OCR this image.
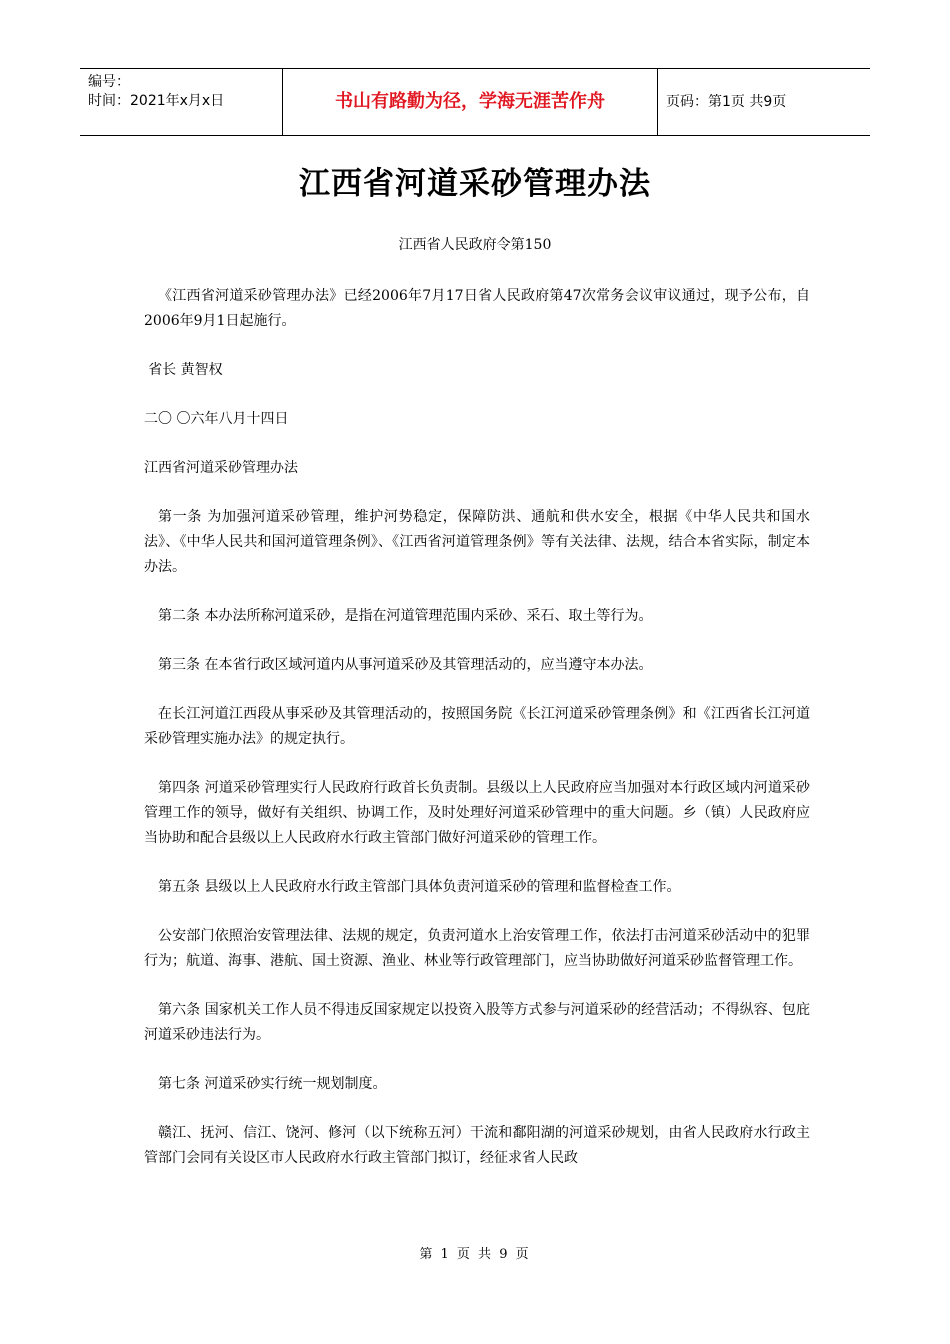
编号：
时间：2021年x月x日	书山有路勤为径，学海无涯苦作舟	页码：第1页 共9页
江西省河道采砂管理办法
江西省人民政府令第150

《江西省河道采砂管理办法》已经2006年7月17日省人民政府第47次常务会议审议通过，现予公布，自2006年9月1日起施行。

省长 黄智权

二〇 〇六年八月十四日

江西省河道采砂管理办法

第一条 为加强河道采砂管理，维护河势稳定，保障防洪、通航和供水安全，根据《中华人民共和国水法》、《中华人民共和国河道管理条例》、《江西省河道管理条例》等有关法律、法规，结合本省实际，制定本办法。

第二条 本办法所称河道采砂，是指在河道管理范围内采砂、采石、取土等行为。

第三条 在本省行政区域河道内从事河道采砂及其管理活动的，应当遵守本办法。

在长江河道江西段从事采砂及其管理活动的，按照国务院《长江河道采砂管理条例》和《江西省长江河道采砂管理实施办法》的规定执行。

第四条 河道采砂管理实行人民政府行政首长负责制。县级以上人民政府应当加强对本行政区域内河道采砂管理工作的领导，做好有关组织、协调工作，及时处理好河道采砂管理中的重大问题。乡（镇）人民政府应当协助和配合县级以上人民政府水行政主管部门做好河道采砂的管理工作。

第五条 县级以上人民政府水行政主管部门具体负责河道采砂的管理和监督检查工作。

公安部门依照治安管理法律、法规的规定，负责河道水上治安管理工作，依法打击河道采砂活动中的犯罪行为；航道、海事、港航、国土资源、渔业、林业等行政管理部门，应当协助做好河道采砂监督管理工作。

第六条 国家机关工作人员不得违反国家规定以投资入股等方式参与河道采砂的经营活动；不得纵容、包庇河道采砂违法行为。

第七条 河道采砂实行统一规划制度。

赣江、抚河、信江、饶河、修河（以下统称五河）干流和鄱阳湖的河道采砂规划，由省人民政府水行政主管部门会同有关设区市人民政府水行政主管部门拟订，经征求省人民政

第 1 页 共 9 页
